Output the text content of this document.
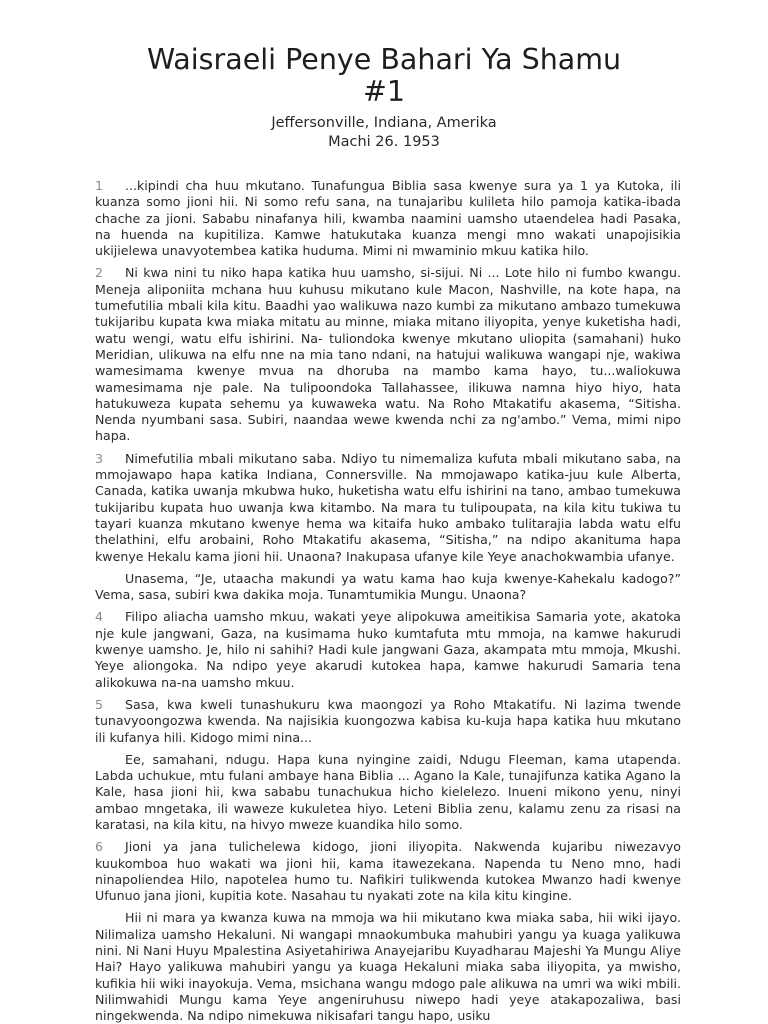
Waisraeli Penye Bahari Ya Shamu
#1
Jeffersonville, Indiana, Amerika
Machi 26. 1953

1 ...kipindi cha huu mkutano. Tunafungua Biblia sasa kwenye sura ya 1 ya Kutoka, ili kuanza somo jioni hii. Ni somo refu sana, na tunajaribu kulileta hilo pamoja katika-ibada chache za jioni. Sababu ninafanya hili, kwamba naamini uamsho utaendelea hadi Pasaka, na huenda na kupitiliza. Kamwe hatukutaka kuanza mengi mno wakati unapojisikia ukijielewa unavyotembea katika huduma. Mimi ni mwaminio mkuu katika hilo.

2 Ni kwa nini tu niko hapa katika huu uamsho, si-sijui. Ni ... Lote hilo ni fumbo kwangu. Meneja aliponiita mchana huu kuhusu mikutano kule Macon, Nashville, na kote hapa, na tumefutilia mbali kila kitu. Baadhi yao walikuwa nazo kumbi za mikutano ambazo tumekuwa tukijaribu kupata kwa miaka mitatu au minne, miaka mitano iliyopita, yenye kuketisha hadi, watu wengi, watu elfu ishirini. Na- tuliondoka kwenye mkutano uliopita (samahani) huko Meridian, ulikuwa na elfu nne na mia tano ndani, na hatujui walikuwa wangapi nje, wakiwa wamesimama kwenye mvua na dhoruba na mambo kama hayo, tu...waliokuwa wamesimama nje pale. Na tulipoondoka Tallahassee, ilikuwa namna hiyo hiyo, hata hatukuweza kupata sehemu ya kuwaweka watu. Na Roho Mtakatifu akasema, “Sitisha. Nenda nyumbani sasa. Subiri, naandaa wewe kwenda nchi za ng'ambo.” Vema, mimi nipo hapa.

3 Nimefutilia mbali mikutano saba. Ndiyo tu nimemaliza kufuta mbali mikutano saba, na mmojawapo hapa katika Indiana, Connersville. Na mmojawapo katika-juu kule Alberta, Canada, katika uwanja mkubwa huko, huketisha watu elfu ishirini na tano, ambao tumekuwa tukijaribu kupata huo uwanja kwa kitambo. Na mara tu tulipoupata, na kila kitu tukiwa tu tayari kuanza mkutano kwenye hema wa kitaifa huko ambako tulitarajia labda watu elfu thelathini, elfu arobaini, Roho Mtakatifu akasema, “Sitisha,” na ndipo akanituma hapa kwenye Hekalu kama jioni hii. Unaona? Inakupasa ufanye kile Yeye anachokwambia ufanye.

Unasema, “Je, utaacha makundi ya watu kama hao kuja kwenye-Kahekalu kadogo?” Vema, sasa, subiri kwa dakika moja. Tunamtumikia Mungu. Unaona?

4 Filipo aliacha uamsho mkuu, wakati yeye alipokuwa ameitikisa Samaria yote, akatoka nje kule jangwani, Gaza, na kusimama huko kumtafuta mtu mmoja, na kamwe hakurudi kwenye uamsho. Je, hilo ni sahihi? Hadi kule jangwani Gaza, akampata mtu mmoja, Mkushi. Yeye aliongoka. Na ndipo yeye akarudi kutokea hapa, kamwe hakurudi Samaria tena alikokuwa na-na uamsho mkuu.

5 Sasa, kwa kweli tunashukuru kwa maongozi ya Roho Mtakatifu. Ni lazima twende tunavyoongozwa kwenda. Na najisikia kuongozwa kabisa ku-kuja hapa katika huu mkutano ili kufanya hili. Kidogo mimi nina...

Ee, samahani, ndugu. Hapa kuna nyingine zaidi, Ndugu Fleeman, kama utapenda. Labda uchukue, mtu fulani ambaye hana Biblia ... Agano la Kale, tunajifunza katika Agano la Kale, hasa jioni hii, kwa sababu tunachukua hicho kielelezo. Inueni mikono yenu, ninyi ambao mngetaka, ili waweze kukuletea hiyo. Leteni Biblia zenu, kalamu zenu za risasi na karatasi, na kila kitu, na hivyo mweze kuandika hilo somo.

6 Jioni ya jana tulichelewa kidogo, jioni iliyopita. Nakwenda kujaribu niwezavyo kuukomboa huo wakati wa jioni hii, kama itawezekana. Napenda tu Neno mno, hadi ninapoliendea Hilo, napotelea humo tu. Nafikiri tulikwenda kutokea Mwanzo hadi kwenye Ufunuo jana jioni, kupitia kote. Nasahau tu nyakati zote na kila kitu kingine.

Hii ni mara ya kwanza kuwa na mmoja wa hii mikutano kwa miaka saba, hii wiki ijayo. Nilimaliza uamsho Hekaluni. Ni wangapi mnaokumbuka mahubiri yangu ya kuaga yalikuwa nini. Ni Nani Huyu Mpalestina Asiyetahiriwa Anayejaribu Kuyadharau Majeshi Ya Mungu Aliye Hai? Hayo yalikuwa mahubiri yangu ya kuaga Hekaluni miaka saba iliyopita, ya mwisho, kufikia hii wiki inayokuja. Vema, msichana wangu mdogo pale alikuwa na umri wa wiki mbili. Nilimwahidi Mungu kama Yeye angeniruhusu niwepo hadi yeye atakapozaliwa, basi ningekwenda. Na ndipo nimekuwa nikisafari tangu hapo, usiku
